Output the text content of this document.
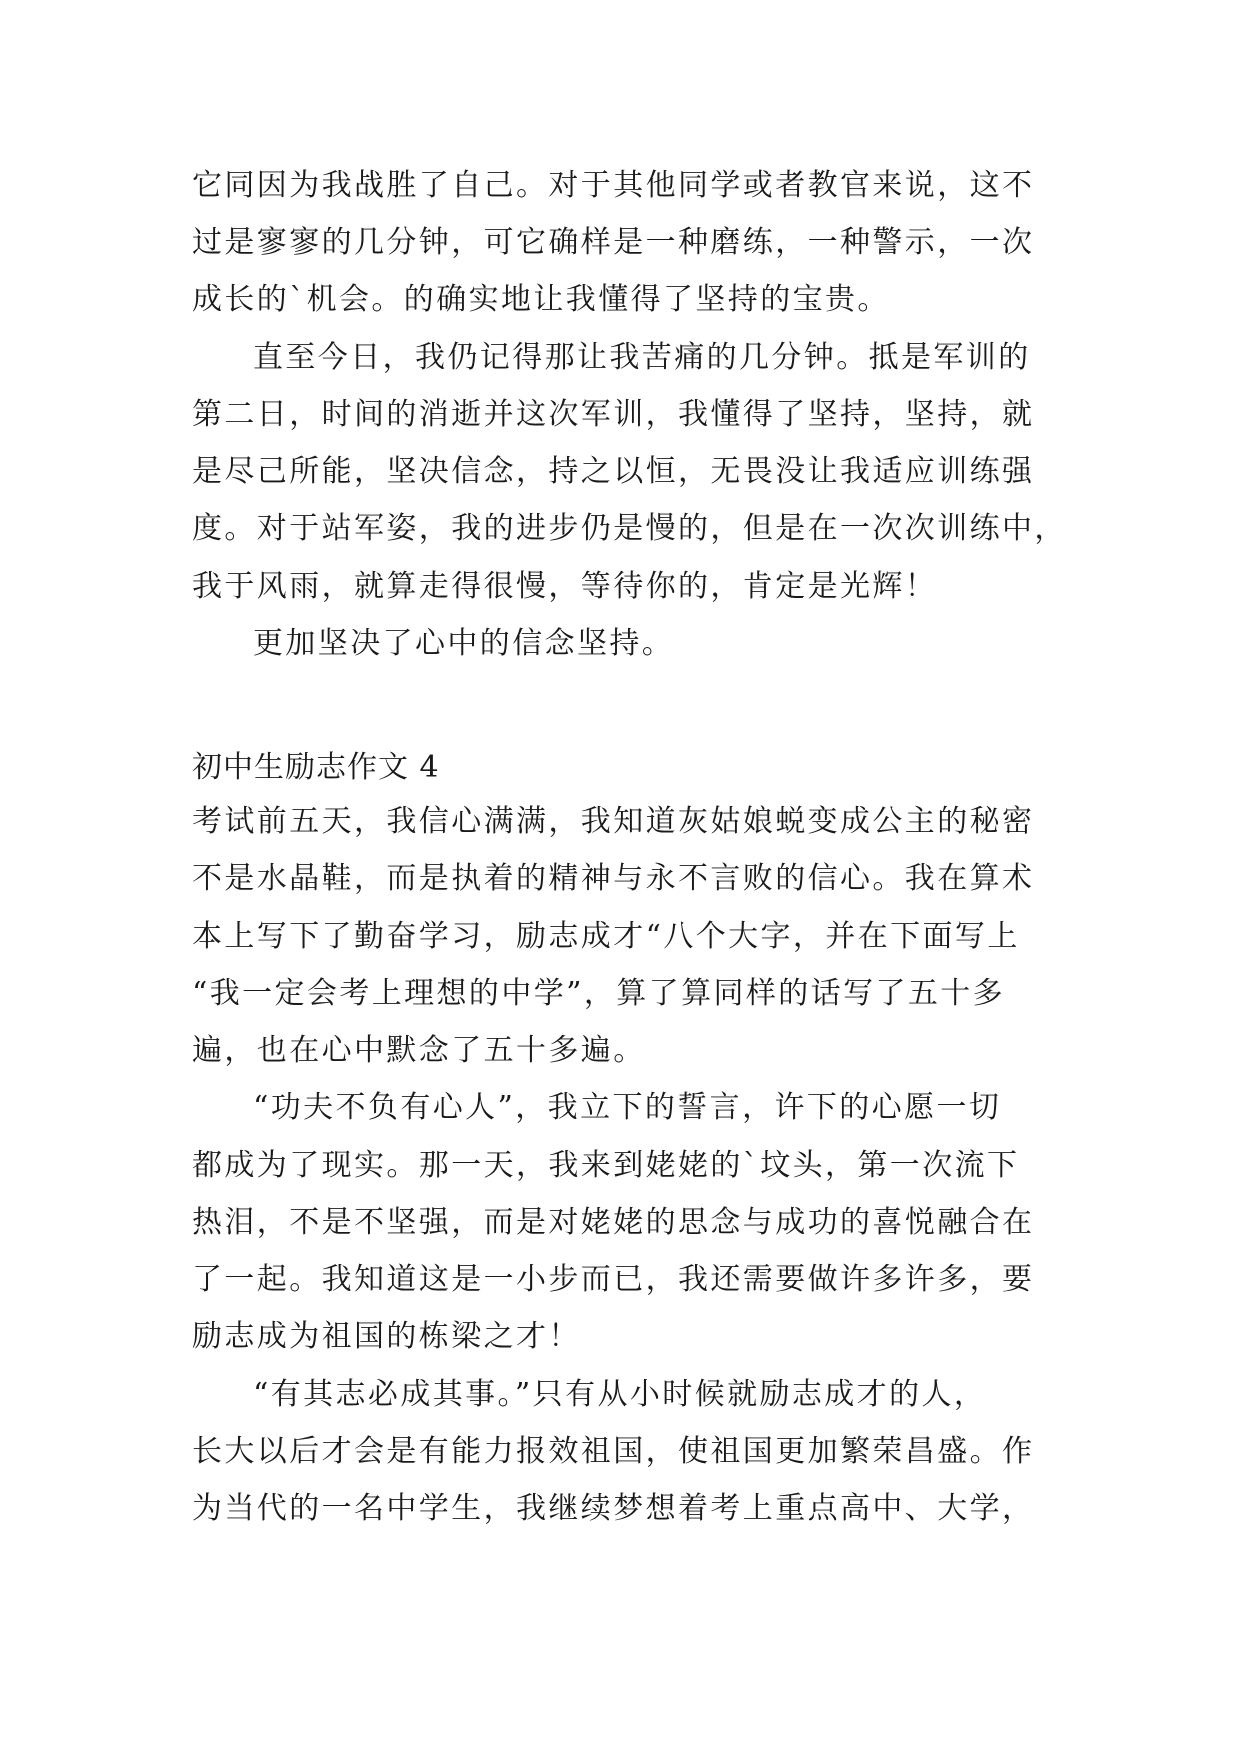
它同因为我战胜了自己。对于其他同学或者教官来说，这不
过是寥寥的几分钟，可它确样是一种磨练，一种警示，一次
成长的`机会。的确实地让我懂得了坚持的宝贵。
直至今日，我仍记得那让我苦痛的几分钟。抵是军训的
第二日，时间的消逝并这次军训，我懂得了坚持，坚持，就
是尽己所能，坚决信念，持之以恒，无畏没让我适应训练强
度。对于站军姿，我的进步仍是慢的，但是在一次次训练中，
我于风雨，就算走得很慢，等待你的，肯定是光辉！
更加坚决了心中的信念坚持。
初中生励志作文 4
考试前五天，我信心满满，我知道灰姑娘蜕变成公主的秘密
不是水晶鞋，而是执着的精神与永不言败的信心。我在算术
本上写下了勤奋学习，励志成才“八个大字，并在下面写上
“我一定会考上理想的中学”，算了算同样的话写了五十多
遍，也在心中默念了五十多遍。
“功夫不负有心人”，我立下的誓言，许下的心愿一切
都成为了现实。那一天，我来到姥姥的`坟头，第一次流下
热泪，不是不坚强，而是对姥姥的思念与成功的喜悦融合在
了一起。我知道这是一小步而已，我还需要做许多许多，要
励志成为祖国的栋梁之才！
“有其志必成其事。”只有从小时候就励志成才的人，
长大以后才会是有能力报效祖国，使祖国更加繁荣昌盛。作
为当代的一名中学生，我继续梦想着考上重点高中、大学，
